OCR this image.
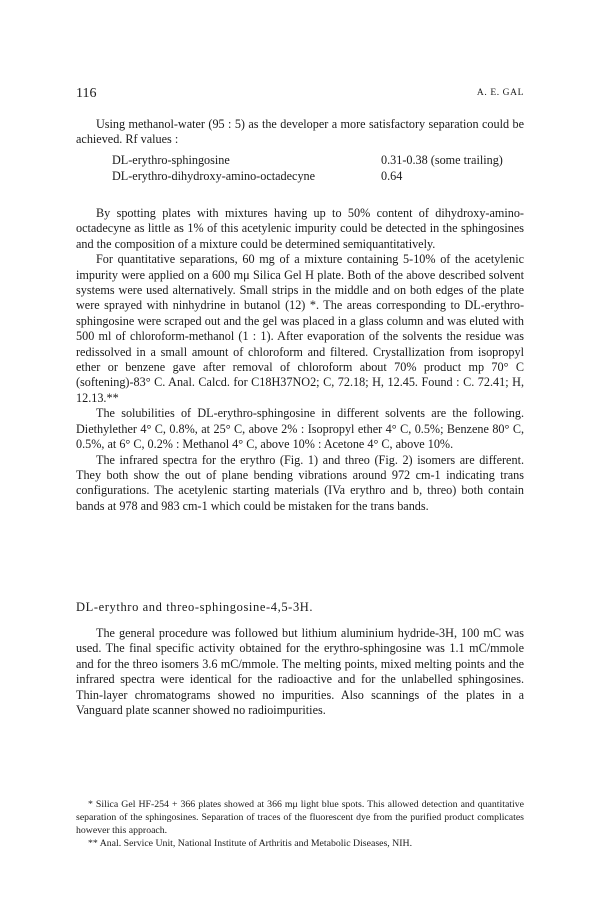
116	A. E. GAL

Using methanol-water (95 : 5) as the developer a more satisfactory separation could be achieved. Rf values :

DL-erythro-sphingosine	0.31-0.38 (some trailing)
DL-erythro-dihydroxy-amino-octadecyne	0.64

By spotting plates with mixtures having up to 50% content of dihydroxy-amino-octadecyne as little as 1% of this acetylenic impurity could be detected in the sphingosines and the composition of a mixture could be determined semiquantitatively.

For quantitative separations, 60 mg of a mixture containing 5-10% of the acetylenic impurity were applied on a 600 mμ Silica Gel H plate. Both of the above described solvent systems were used alternatively. Small strips in the middle and on both edges of the plate were sprayed with ninhydrine in butanol (12) *. The areas corresponding to DL-erythro-sphingosine were scraped out and the gel was placed in a glass column and was eluted with 500 ml of chloroform-methanol (1 : 1). After evaporation of the solvents the residue was redissolved in a small amount of chloroform and filtered. Crystallization from isopropyl ether or benzene gave after removal of chloroform about 70% product mp 70° C (softening)-83° C. Anal. Calcd. for C18H37NO2; C, 72.18; H, 12.45. Found : C. 72.41; H, 12.13.**

The solubilities of DL-erythro-sphingosine in different solvents are the following. Diethylether 4° C, 0.8%, at 25° C, above 2% : Isopropyl ether 4° C, 0.5%; Benzene 80° C, 0.5%, at 6° C, 0.2% : Methanol 4° C, above 10% : Acetone 4° C, above 10%.

The infrared spectra for the erythro (Fig. 1) and threo (Fig. 2) isomers are different. They both show the out of plane bending vibrations around 972 cm-1 indicating trans configurations. The acetylenic starting materials (IVa erythro and b, threo) both contain bands at 978 and 983 cm-1 which could be mistaken for the trans bands.

DL-erythro and threo-sphingosine-4,5-3H.

The general procedure was followed but lithium aluminium hydride-3H, 100 mC was used. The final specific activity obtained for the erythro-sphingosine was 1.1 mC/mmole and for the threo isomers 3.6 mC/mmole. The melting points, mixed melting points and the infrared spectra were identical for the radioactive and for the unlabelled sphingosines. Thin-layer chromatograms showed no impurities. Also scannings of the plates in a Vanguard plate scanner showed no radioimpurities.

* Silica Gel HF-254 + 366 plates showed at 366 mμ light blue spots. This allowed detection and quantitative separation of the sphingosines. Separation of traces of the fluorescent dye from the purified product complicates however this approach.

** Anal. Service Unit, National Institute of Arthritis and Metabolic Diseases, NIH.
